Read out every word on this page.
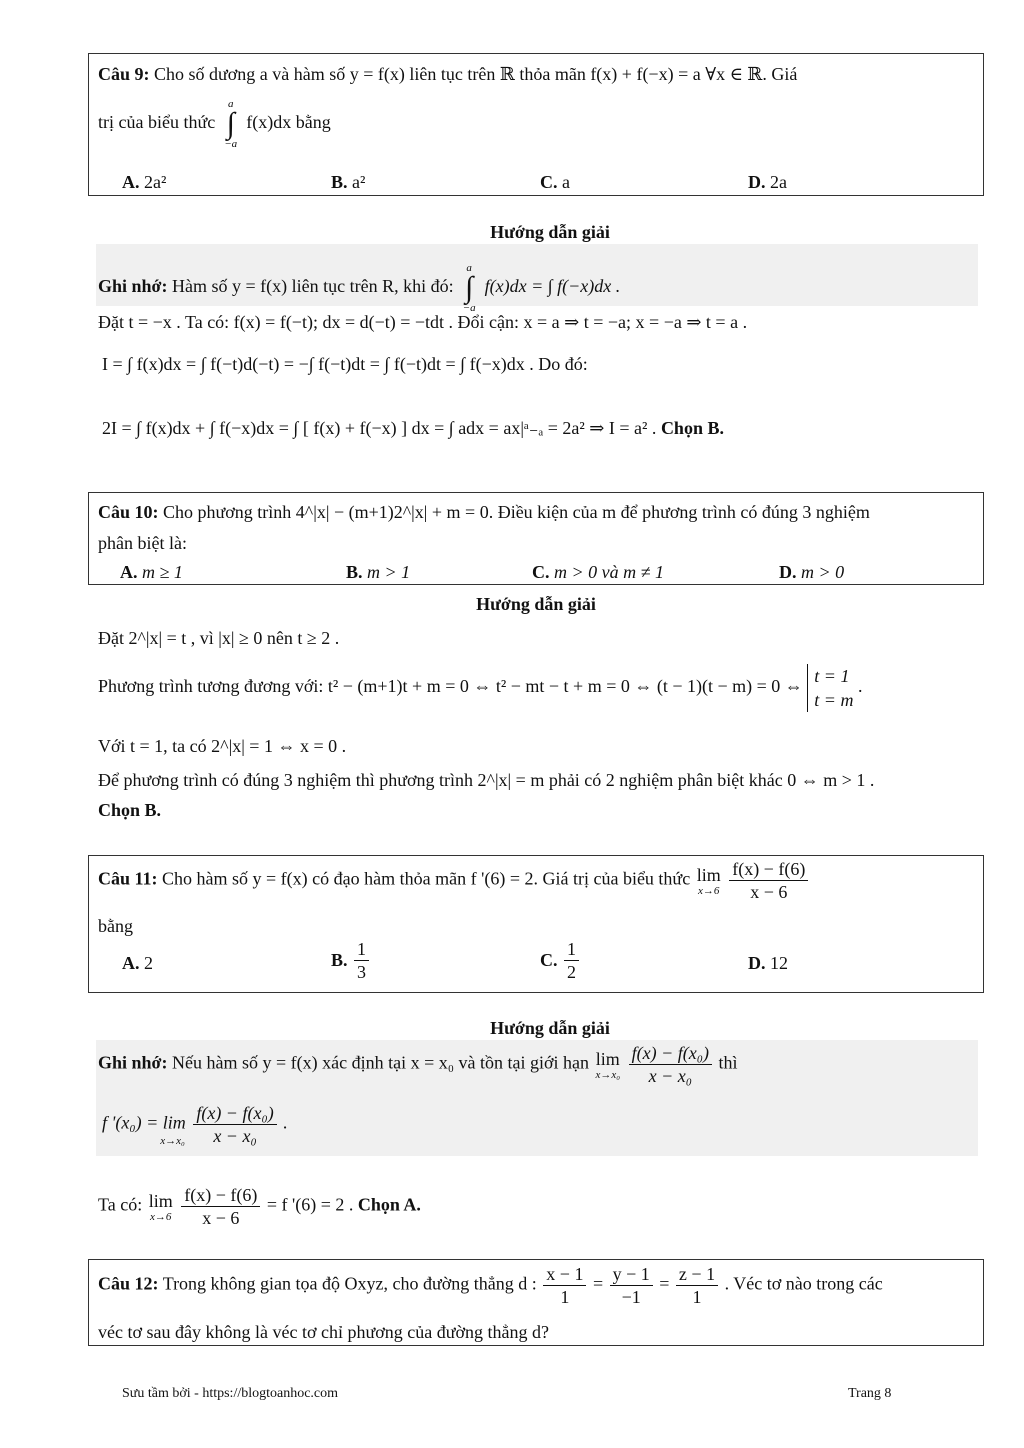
Câu 9: Cho số dương a và hàm số y = f(x) liên tục trên ℝ thỏa mãn f(x) + f(−x) = a ∀x ∈ ℝ. Giá
trị của biểu thức
a
∫
−a
f(x)dx bằng
A. 2a²	B. a²	C. a	D. 2a
Hướng dẫn giải
Ghi nhớ: Hàm số y = f(x) liên tục trên R, khi đó:
a
∫
−a
f(x)dx = ∫ f(−x)dx .
Đặt t = −x . Ta có: f(x) = f(−t); dx = d(−t) = −tdt . Đổi cận: x = a ⇒ t = −a; x = −a ⇒ t = a .
I = ∫ f(x)dx = ∫ f(−t)d(−t) = −∫ f(−t)dt = ∫ f(−t)dt = ∫ f(−x)dx . Do đó:
2I = ∫ f(x)dx + ∫ f(−x)dx = ∫ [ f(x) + f(−x) ] dx = ∫ adx = ax|ᵃ₋ₐ = 2a² ⇒ I = a² . Chọn B.
Câu 10: Cho phương trình 4^|x| − (m+1)2^|x| + m = 0. Điều kiện của m để phương trình có đúng 3 nghiệm
phân biệt là:
A. m ≥ 1	B. m > 1	C. m > 0 và m ≠ 1	D. m > 0
Hướng dẫn giải
Đặt 2^|x| = t , vì |x| ≥ 0 nên t ≥ 2 .
Phương trình tương đương với: t² − (m+1)t + m = 0 ⇔ t² − mt − t + m = 0 ⇔ (t − 1)(t − m) = 0 ⇔
t = 1
t = m
.
Với t = 1, ta có 2^|x| = 1 ⇔ x = 0 .
Để phương trình có đúng 3 nghiệm thì phương trình 2^|x| = m phải có 2 nghiệm phân biệt khác 0 ⇔ m > 1 .
Chọn B.
Câu 11: Cho hàm số y = f(x) có đạo hàm thỏa mãn f '(6) = 2. Giá trị của biểu thức lim
x→6
$\frac{f(x) - f(6)}{x - 6}$
bằng
A. 2	B. $\frac{1}{3}$	C. $\frac{1}{2}$	D. 12
Hướng dẫn giải
Ghi nhớ: Nếu hàm số y = f(x) xác định tại x = x₀ và tồn tại giới hạn lim
x→x₀
$\frac{\text{f(x) − f(x₀)}}{\text{x − x₀}}$ thì
f '(x₀) = lim
x→x₀
$\frac{\text{f(x) − f(x₀)}}{\text{x − x₀}}$ .
Ta có: lim
x→6
$\frac{f(x) - f(6)}{x - 6} = f$ '(6) = 2 . Chọn A.
Câu 12: Trong không gian tọa độ Oxyz, cho đường thẳng d : $\frac{x - 1}{1} = \frac{y - 1}{-1} = \frac{z - 1}{1}$ . Véc tơ nào trong các
véc tơ sau đây không là véc tơ chỉ phương của đường thẳng d?
Sưu tầm bởi - https://blogtoanhoc.com	Trang 8
